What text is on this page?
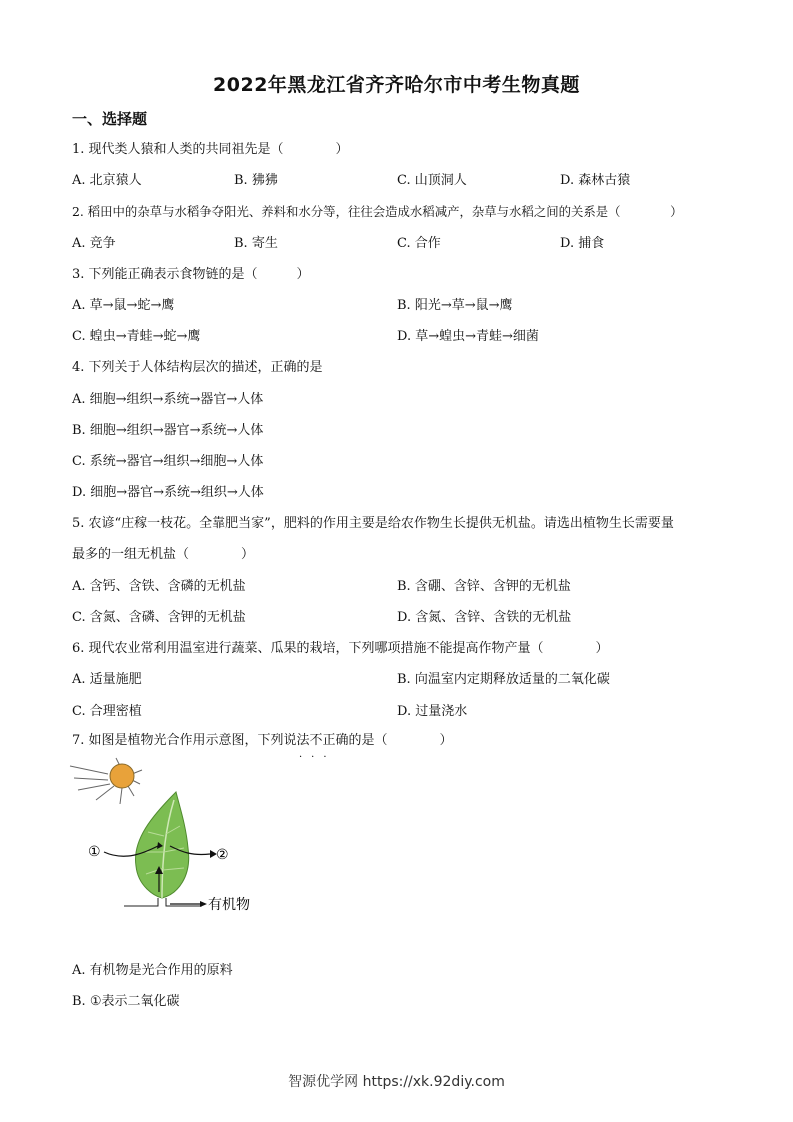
2022年黑龙江省齐齐哈尔市中考生物真题
一、选择题
1. 现代类人猿和人类的共同祖先是（　　　　）
A. 北京猿人	B. 狒狒	C. 山顶洞人	D. 森林古猿
2. 稻田中的杂草与水稻争夺阳光、养料和水分等，往往会造成水稻减产，杂草与水稻之间的关系是（　　　　）
A. 竞争	B. 寄生	C. 合作	D. 捕食
3. 下列能正确表示食物链的是（　　　）
A. 草→鼠→蛇→鹰	B. 阳光→草→鼠→鹰
C. 蝗虫→青蛙→蛇→鹰	D. 草→蝗虫→青蛙→细菌
4. 下列关于人体结构层次的描述，正确的是
A. 细胞→组织→系统→器官→人体
B. 细胞→组织→器官→系统→人体
C. 系统→器官→组织→细胞→人体
D. 细胞→器官→系统→组织→人体
5. 农谚“庄稼一枝花。全靠肥当家”，肥料的作用主要是给农作物生长提供无机盐。请选出植物生长需要量
最多的一组无机盐（　　　　）
A. 含钙、含铁、含磷的无机盐	B. 含硼、含锌、含钾的无机盐
C. 含氮、含磷、含钾的无机盐	D. 含氮、含锌、含铁的无机盐
6. 现代农业常利用温室进行蔬菜、瓜果的栽培，下列哪项措施不能提高作物产量（　　　　）
A. 适量施肥	B. 向温室内定期释放适量的二氧化碳
C. 合理密植	D. 过量浇水
7. 如图是植物光合作用示意图，下列说法不正确的是（　　　　）
···
①	②
有机物
A. 有机物是光合作用的原料
B. ①表示二氧化碳
智源优学网 https://xk.92diy.com
